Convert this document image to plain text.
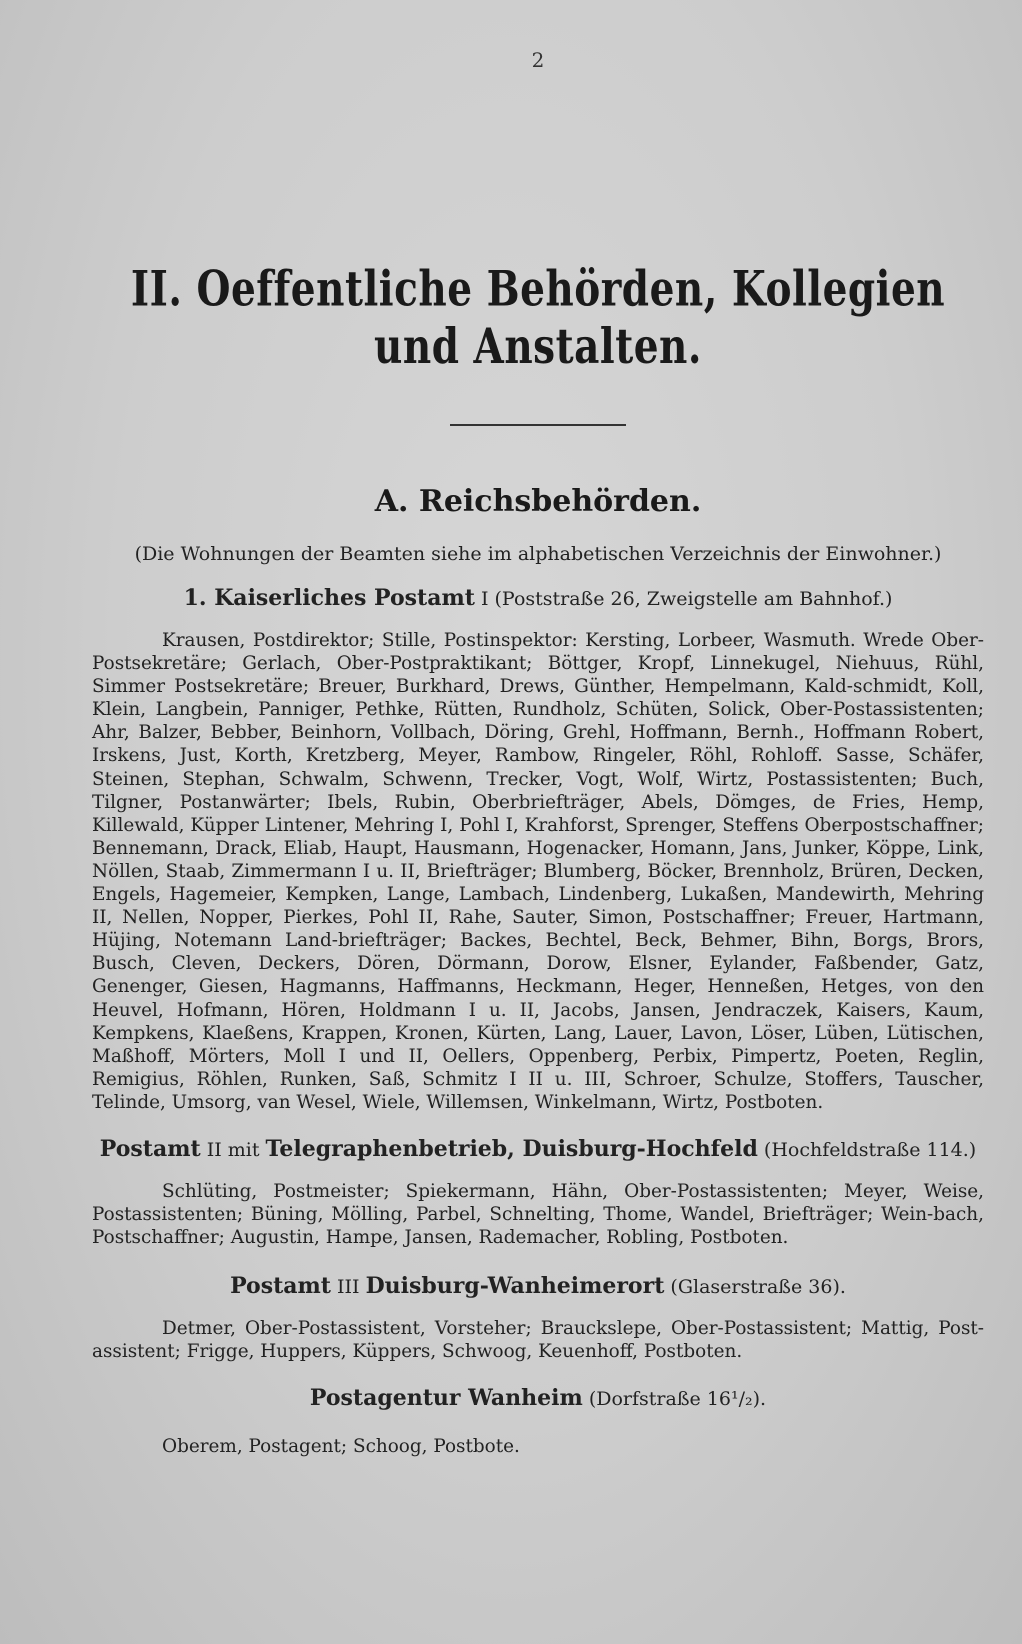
2
II. Oeffentliche Behörden, Kollegien und Anstalten.
A. Reichsbehörden.

(Die Wohnungen der Beamten siehe im alphabetischen Verzeichnis der Einwohner.)

1. Kaiserliches Postamt I (Poststraße 26, Zweigstelle am Bahnhof.)

Krausen, Postdirektor; Stille, Postinspektor: Kersting, Lorbeer, Wasmuth. Wrede Ober-Postsekretäre; Gerlach, Ober-Postpraktikant; Böttger, Kropf, Linnekugel, Niehuus, Rühl, Simmer Postsekretäre; Breuer, Burkhard, Drews, Günther, Hempelmann, Kald-schmidt, Koll, Klein, Langbein, Panniger, Pethke, Rütten, Rundholz, Schüten, Solick, Ober-Postassistenten; Ahr, Balzer, Bebber, Beinhorn, Vollbach, Döring, Grehl, Hoffmann, Bernh., Hoffmann Robert, Irskens, Just, Korth, Kretzberg, Meyer, Rambow, Ringeler, Röhl, Rohloff. Sasse, Schäfer, Steinen, Stephan, Schwalm, Schwenn, Trecker, Vogt, Wolf, Wirtz, Postassistenten; Buch, Tilgner, Postanwärter; Ibels, Rubin, Oberbriefträger, Abels, Dömges, de Fries, Hemp, Killewald, Küpper Lintener, Mehring I, Pohl I, Krahforst, Sprenger, Steffens Oberpostschaffner; Bennemann, Drack, Eliab, Haupt, Hausmann, Hogenacker, Homann, Jans, Junker, Köppe, Link, Nöllen, Staab, Zimmermann I u. II, Briefträger; Blumberg, Böcker, Brennholz, Brüren, Decken, Engels, Hagemeier, Kempken, Lange, Lambach, Lindenberg, Lukaßen, Mandewirth, Mehring II, Nellen, Nopper, Pierkes, Pohl II, Rahe, Sauter, Simon, Postschaffner; Freuer, Hartmann, Hüjing, Notemann Land-briefträger; Backes, Bechtel, Beck, Behmer, Bihn, Borgs, Brors, Busch, Cleven, Deckers, Dören, Dörmann, Dorow, Elsner, Eylander, Faßbender, Gatz, Genenger, Giesen, Hagmanns, Haffmanns, Heckmann, Heger, Henneßen, Hetges, von den Heuvel, Hofmann, Hören, Holdmann I u. II, Jacobs, Jansen, Jendraczek, Kaisers, Kaum, Kempkens, Klaeßens, Krappen, Kronen, Kürten, Lang, Lauer, Lavon, Löser, Lüben, Lütischen, Maßhoff, Mörters, Moll I und II, Oellers, Oppenberg, Perbix, Pimpertz, Poeten, Reglin, Remigius, Röhlen, Runken, Saß, Schmitz I II u. III, Schroer, Schulze, Stoffers, Tauscher, Telinde, Umsorg, van Wesel, Wiele, Willemsen, Winkelmann, Wirtz, Postboten.

Postamt II mit Telegraphenbetrieb, Duisburg-Hochfeld (Hochfeldstraße 114.)

Schlüting, Postmeister; Spiekermann, Hähn, Ober-Postassistenten; Meyer, Weise, Postassistenten; Büning, Mölling, Parbel, Schnelting, Thome, Wandel, Briefträger; Wein-bach, Postschaffner; Augustin, Hampe, Jansen, Rademacher, Robling, Postboten.

Postamt III Duisburg-Wanheimerort (Glaserstraße 36).

Detmer, Ober-Postassistent, Vorsteher; Brauckslepe, Ober-Postassistent; Mattig, Post-assistent; Frigge, Huppers, Küppers, Schwoog, Keuenhoff, Postboten.

Postagentur Wanheim (Dorfstraße 16¹/₂).

Oberem, Postagent; Schoog, Postbote.
